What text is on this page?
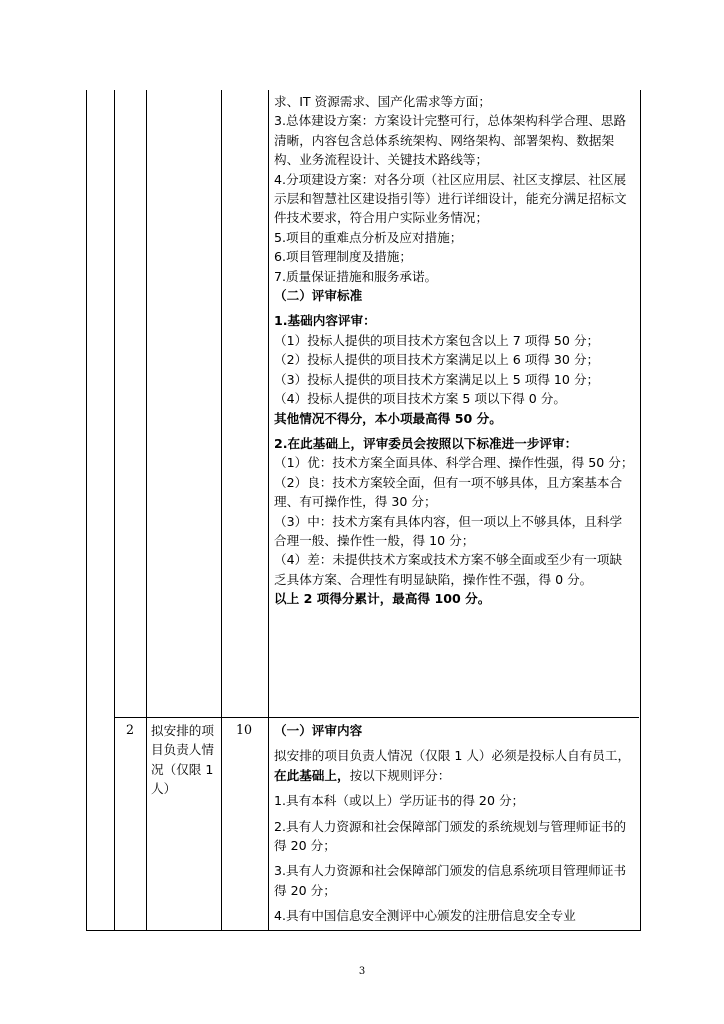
求、IT 资源需求、国产化需求等方面；

3.总体建设方案：方案设计完整可行，总体架构科学合理、思路清晰，内容包含总体系统架构、网络架构、部署架构、数据架构、业务流程设计、关键技术路线等；

4.分项建设方案：对各分项（社区应用层、社区支撑层、社区展示层和智慧社区建设指引等）进行详细设计，能充分满足招标文件技术要求，符合用户实际业务情况；

5.项目的重难点分析及应对措施；

6.项目管理制度及措施；

7.质量保证措施和服务承诺。

（二）评审标准

1.基础内容评审：

（1）投标人提供的项目技术方案包含以上 7 项得 50 分；

（2）投标人提供的项目技术方案满足以上 6 项得 30 分；

（3）投标人提供的项目技术方案满足以上 5 项得 10 分；

（4）投标人提供的项目技术方案 5 项以下得 0 分。

其他情况不得分，本小项最高得 50 分。

2.在此基础上，评审委员会按照以下标准进一步评审：

（1）优：技术方案全面具体、科学合理、操作性强，得 50 分；

（2）良：技术方案较全面，但有一项不够具体，且方案基本合理、有可操作性，得 30 分；

（3）中：技术方案有具体内容，但一项以上不够具体，且科学合理一般、操作性一般，得 10 分；

（4）差：未提供技术方案或技术方案不够全面或至少有一项缺乏具体方案、合理性有明显缺陷，操作性不强，得 0 分。

以上 2 项得分累计，最高得 100 分。

2 拟安排的项目负责人情况（仅限 1 人）
10 （一）评审内容

拟安排的项目负责人情况（仅限 1 人）必须是投标人自有员工，在此基础上，按以下规则评分：

1.具有本科（或以上）学历证书的得 20 分；

2.具有人力资源和社会保障部门颁发的系统规划与管理师证书的得 20 分；

3.具有人力资源和社会保障部门颁发的信息系统项目管理师证书得 20 分；

4.具有中国信息安全测评中心颁发的注册信息安全专业

3
